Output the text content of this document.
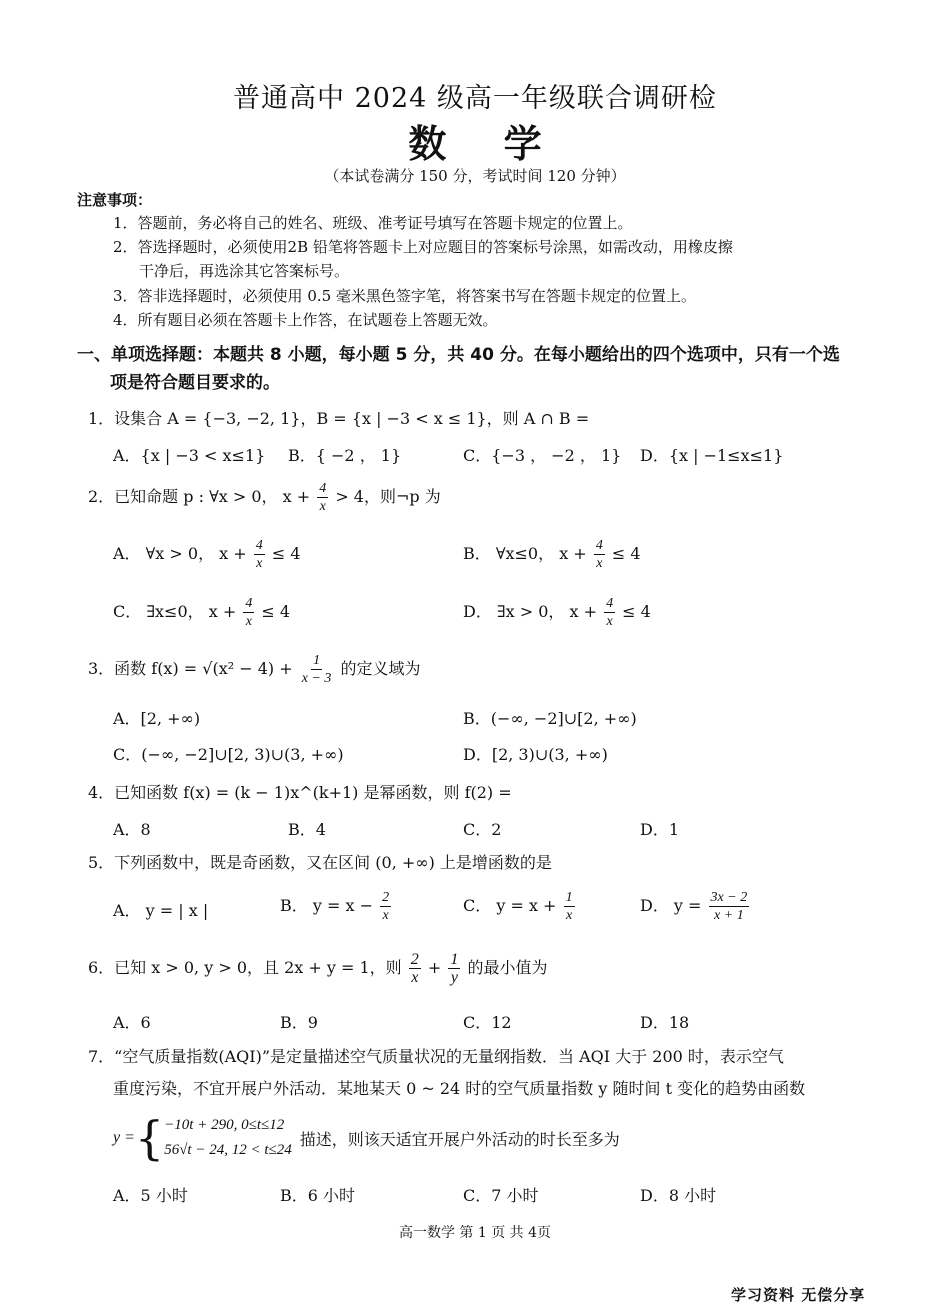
普通高中 2024 级高一年级联合调研检
数 学
（本试卷满分 150 分，考试时间 120 分钟）
注意事项：
1．答题前，务必将自己的姓名、班级、准考证号填写在答题卡规定的位置上。
2．答选择题时，必须使用2B 铅笔将答题卡上对应题目的答案标号涂黑，如需改动，用橡皮擦
干净后，再选涂其它答案标号。
3．答非选择题时，必须使用 0.5 毫米黑色签字笔，将答案书写在答题卡规定的位置上。
4．所有题目必须在答题卡上作答，在试题卷上答题无效。
一、单项选择题：本题共 8 小题，每小题 5 分，共 40 分。在每小题给出的四个选项中，只有一个选
项是符合题目要求的。
1．设集合 A = {−3, −2, 1}，B = {x | −3 < x ≤ 1}，则 A ∩ B =
A．{x | −3 < x≤1} B．{ −2 ， 1}	C．{−3 ， −2 ， 1} D．{x | −1≤x≤1}
2．已知命题 p : ∀x > 0， $x + \frac{4}{x} > 4$，则¬p 为
A． ∀x > 0， $x + \frac{4}{x} \le 4$	B． ∀x≤0， $x + \frac{4}{x} \le 4$
C． ∃x≤0， $x + \frac{4}{x} \le 4$	D． ∃x > 0， $x + \frac{4}{x} \le 4$
3．函数 $f(x) = √(x^2 - 4) + \frac{1}{x - 3}$ 的定义域为
A．[2, +∞)	B．(−∞, −2]∪[2, +∞)
C．(−∞, −2]∪[2, 3)∪(3, +∞)	D．[2, 3)∪(3, +∞)
4．已知函数 f(x) = (k − 1)x^(k+1) 是幂函数，则 f(2) =
A．8	B．4	C．2	D．1
5．下列函数中，既是奇函数，又在区间 (0, +∞) 上是增函数的是
A． y = | x |	B． $y = x - \frac{2}{x}$	C． $y = x + \frac{1}{x}$	D． $y = \frac{3x - 2}{x + 1}$
6．已知 x > 0, y > 0，且 2x + y = 1，则 $\frac{2}{x} + \frac{1}{y}$ 的最小值为
A．6	B．9	C．12	D．18
7．“空气质量指数(AQI)”是定量描述空气质量状况的无量纲指数．当 AQI 大于 200 时，表示空气
重度污染，不宜开展户外活动．某地某天 0 ~ 24 时的空气质量指数 y 随时间 t 变化的趋势由函数
y = { −10t + 290, 0≤t≤12
56√t − 24, 12 < t≤24
描述，则该天适宜开展户外活动的时长至多为
A．5 小时	B．6 小时	C．7 小时	D．8 小时
高一数学 第 1 页 共 4页
学习资料 无偿分享
